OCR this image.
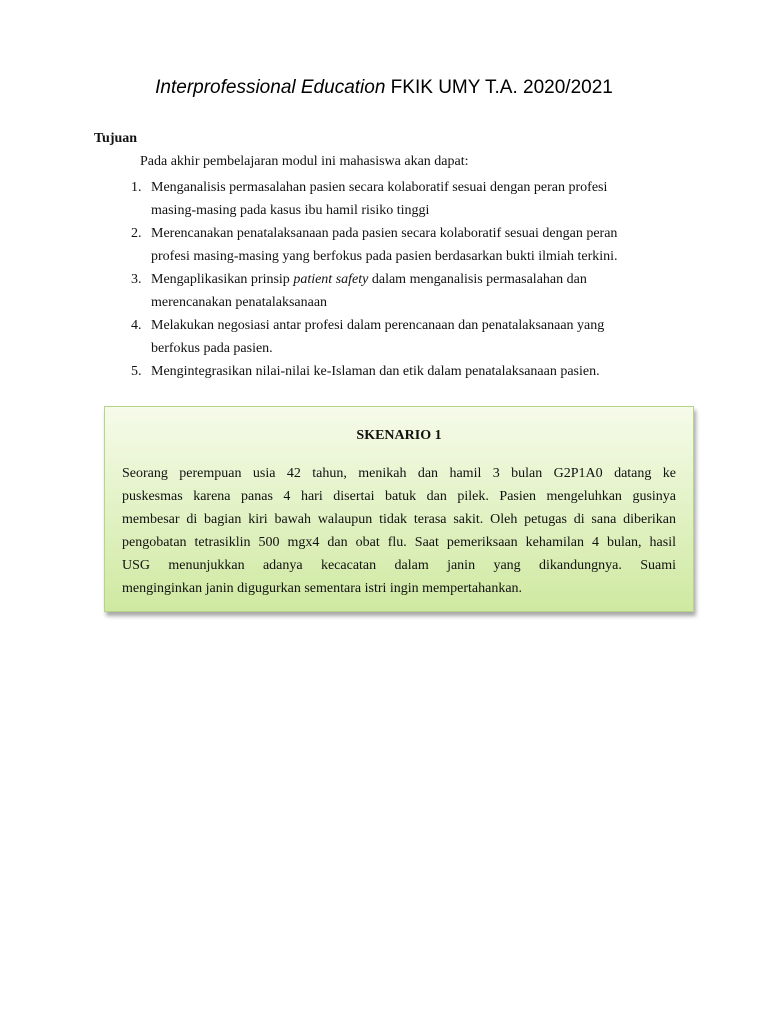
Interprofessional Education FKIK UMY T.A. 2020/2021
Tujuan
Pada akhir pembelajaran modul ini mahasiswa akan dapat:
1. Menganalisis permasalahan pasien secara kolaboratif sesuai dengan peran profesi
masing-masing pada kasus ibu hamil risiko tinggi
2. Merencanakan penatalaksanaan pada pasien secara kolaboratif sesuai dengan peran
profesi masing-masing yang berfokus pada pasien berdasarkan bukti ilmiah terkini.
3. Mengaplikasikan prinsip patient safety dalam menganalisis permasalahan dan
merencanakan penatalaksanaan
4. Melakukan negosiasi antar profesi dalam perencanaan dan penatalaksanaan yang
berfokus pada pasien.
5. Mengintegrasikan nilai-nilai ke-Islaman dan etik dalam penatalaksanaan pasien.
SKENARIO 1
Seorang perempuan usia 42 tahun, menikah dan hamil 3 bulan G2P1A0 datang ke
puskesmas karena panas 4 hari disertai batuk dan pilek. Pasien mengeluhkan gusinya
membesar di bagian kiri bawah walaupun tidak terasa sakit. Oleh petugas di sana diberikan
pengobatan tetrasiklin 500 mgx4 dan obat flu. Saat pemeriksaan kehamilan 4 bulan, hasil
USG menunjukkan adanya kecacatan dalam janin yang dikandungnya. Suami
menginginkan janin digugurkan sementara istri ingin mempertahankan.
